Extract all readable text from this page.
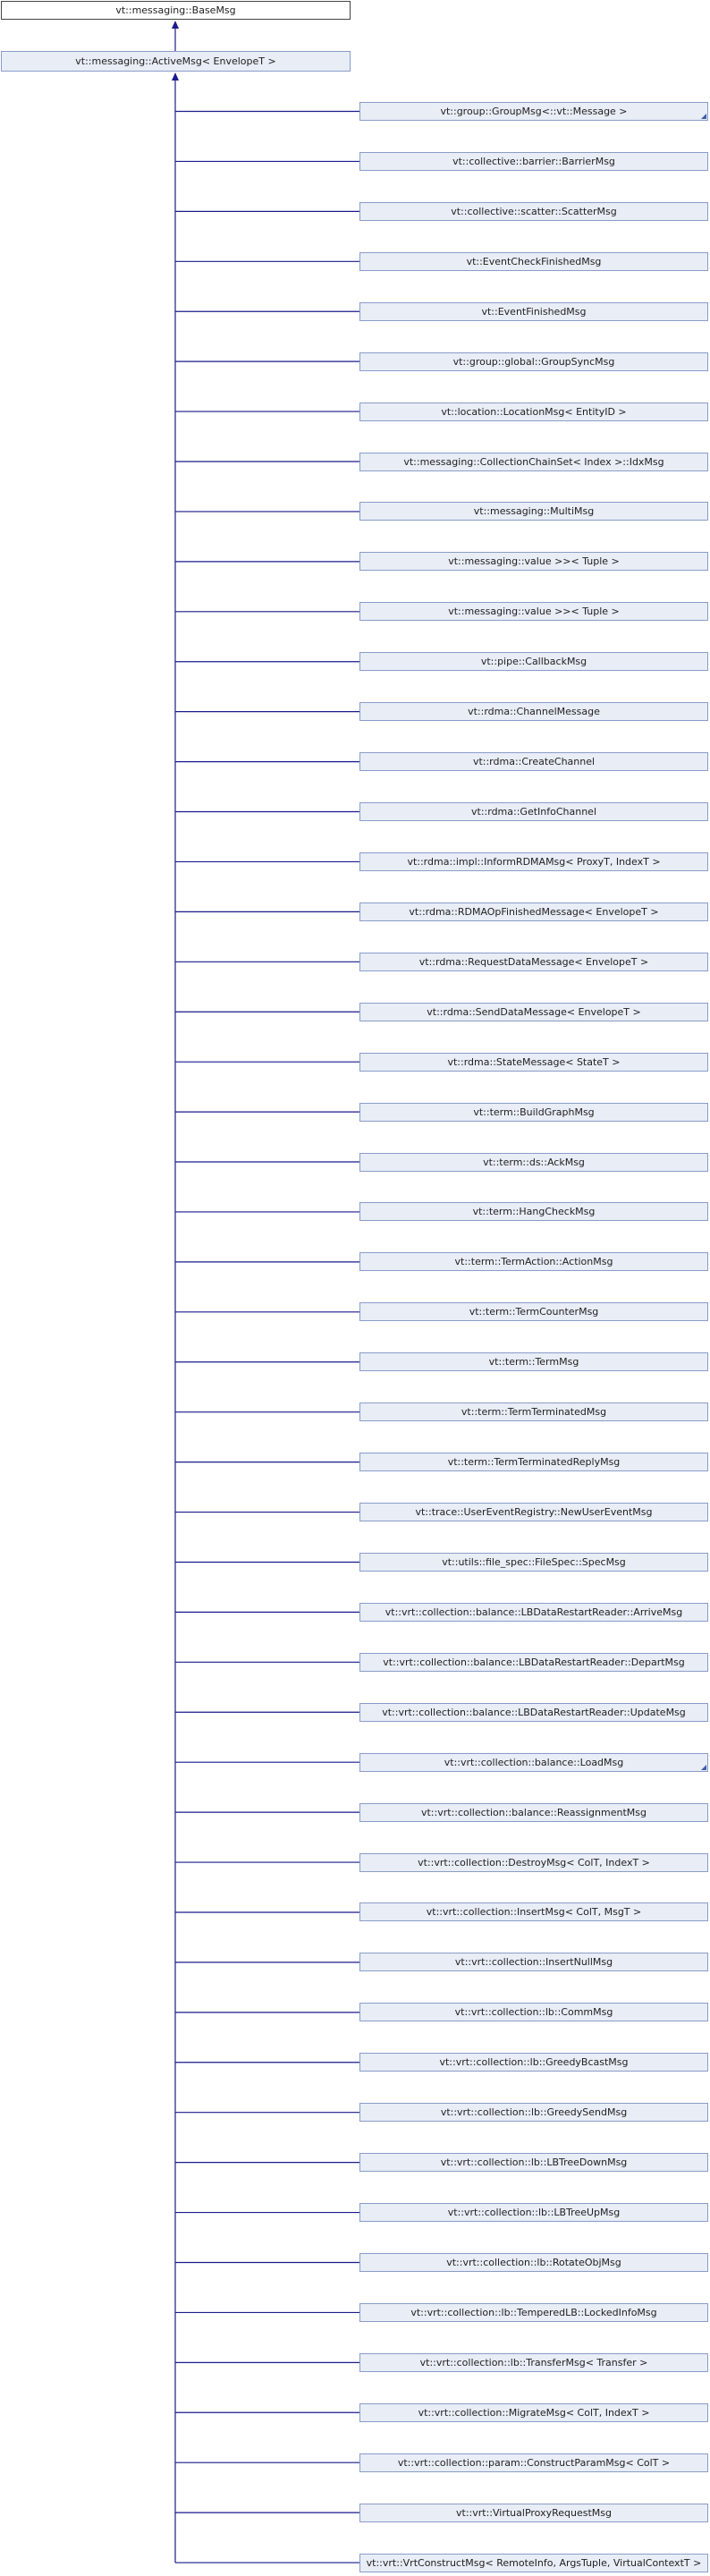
vt::messaging::BaseMsg
vt::messaging::ActiveMsg< EnvelopeT >
vt::group::GroupMsg<::vt::Message >
vt::collective::barrier::BarrierMsg
vt::collective::scatter::ScatterMsg
vt::EventCheckFinishedMsg
vt::EventFinishedMsg
vt::group::global::GroupSyncMsg
vt::location::LocationMsg< EntityID >
vt::messaging::CollectionChainSet< Index >::IdxMsg
vt::messaging::MultiMsg
vt::messaging::value >>< Tuple >
vt::messaging::value >>< Tuple >
vt::pipe::CallbackMsg
vt::rdma::ChannelMessage
vt::rdma::CreateChannel
vt::rdma::GetInfoChannel
vt::rdma::impl::InformRDMAMsg< ProxyT, IndexT >
vt::rdma::RDMAOpFinishedMessage< EnvelopeT >
vt::rdma::RequestDataMessage< EnvelopeT >
vt::rdma::SendDataMessage< EnvelopeT >
vt::rdma::StateMessage< StateT >
vt::term::BuildGraphMsg
vt::term::ds::AckMsg
vt::term::HangCheckMsg
vt::term::TermAction::ActionMsg
vt::term::TermCounterMsg
vt::term::TermMsg
vt::term::TermTerminatedMsg
vt::term::TermTerminatedReplyMsg
vt::trace::UserEventRegistry::NewUserEventMsg
vt::utils::file_spec::FileSpec::SpecMsg
vt::vrt::collection::balance::LBDataRestartReader::ArriveMsg
vt::vrt::collection::balance::LBDataRestartReader::DepartMsg
vt::vrt::collection::balance::LBDataRestartReader::UpdateMsg
vt::vrt::collection::balance::LoadMsg
vt::vrt::collection::balance::ReassignmentMsg
vt::vrt::collection::DestroyMsg< ColT, IndexT >
vt::vrt::collection::InsertMsg< ColT, MsgT >
vt::vrt::collection::InsertNullMsg
vt::vrt::collection::lb::CommMsg
vt::vrt::collection::lb::GreedyBcastMsg
vt::vrt::collection::lb::GreedySendMsg
vt::vrt::collection::lb::LBTreeDownMsg
vt::vrt::collection::lb::LBTreeUpMsg
vt::vrt::collection::lb::RotateObjMsg
vt::vrt::collection::lb::TemperedLB::LockedInfoMsg
vt::vrt::collection::lb::TransferMsg< Transfer >
vt::vrt::collection::MigrateMsg< ColT, IndexT >
vt::vrt::collection::param::ConstructParamMsg< ColT >
vt::vrt::VirtualProxyRequestMsg
vt::vrt::VrtConstructMsg< RemoteInfo, ArgsTuple, VirtualContextT >
